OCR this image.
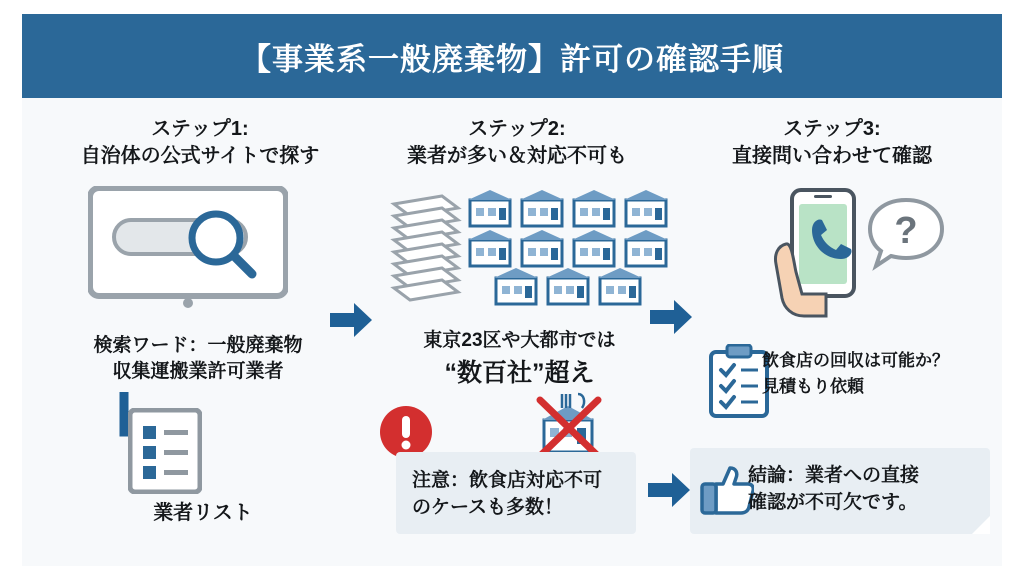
【事業系一般廃棄物】許可の確認手順
ステップ1:
自治体の公式サイトで探す
ステップ2:
業者が多い＆対応不可も
ステップ3:
直接問い合わせて確認
検索ワード：一般廃棄物
収集運搬業許可業者
業者リスト
東京23区や大都市では
“数百社”超え
注意：飲食店対応不可
のケースも多数！
?
飲食店の回収は可能か？
見積もり依頼
結論：業者への直接
確認が不可欠です。
